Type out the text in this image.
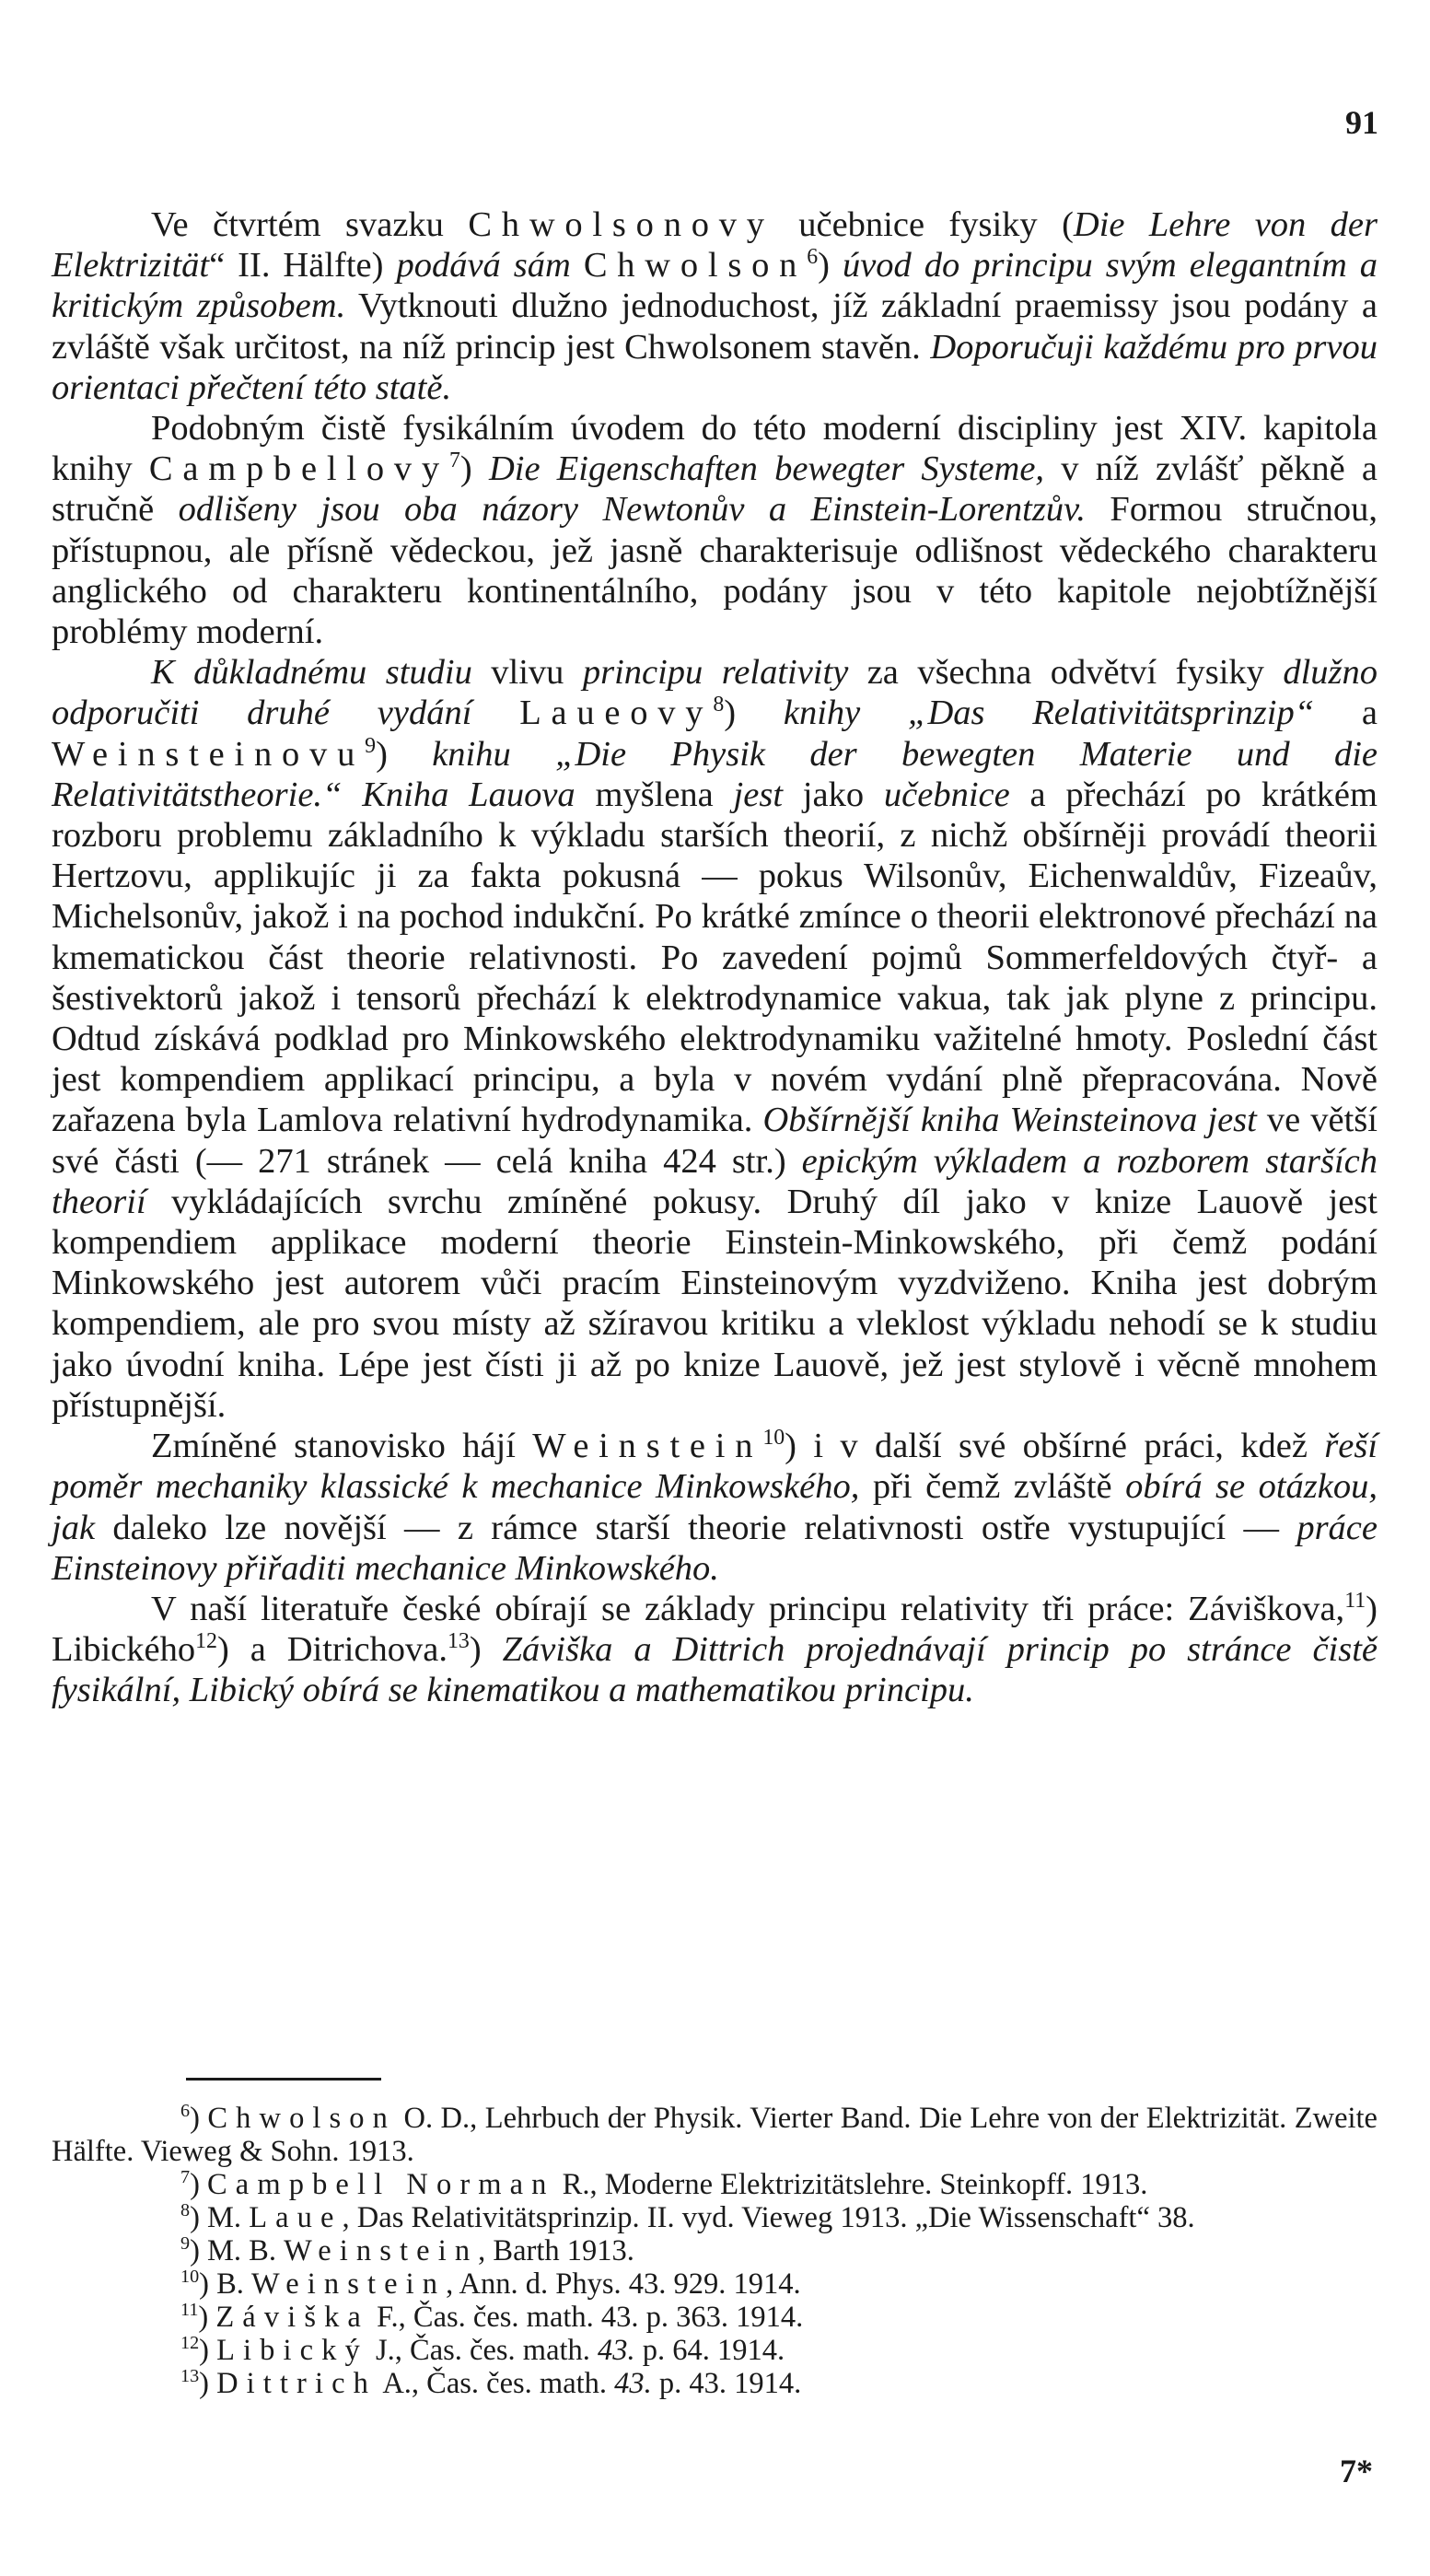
91

Ve čtvrtém svazku Chwolsonovy učebnice fysiky (Die Lehre von der Elektrizität“ II. Hälfte) podává sám Chwolson$^6$) úvod do principu svým elegantním a kritickým způsobem. Vytknouti dlužno jednoduchost, jíž základní praemissy jsou podány a zvláště však určitost, na níž princip jest Chwolsonem stavěn. Doporučuji každému pro prvou orientaci přečtení této statě.

Podobným čistě fysikálním úvodem do této moderní discipliny jest XIV. kapitola knihy Campbellovy$^7$) Die Eigenschaften bewegter Systeme, v níž zvlášť pěkně a stručně odlišeny jsou oba názory Newtonův a Einstein-Lorentzův. Formou stručnou, přístupnou, ale přísně vědeckou, jež jasně charakterisuje odlišnost vědeckého charakteru anglického od charakteru kontinentálního, podány jsou v této kapitole nejobtížnější problémy moderní.

K důkladnému studiu vlivu principu relativity za všechna odvětví fysiky dlužno odporučiti druhé vydání Laueovy$^8$) knihy „Das Relativitätsprinzip“ a Weinsteinovu$^9$) knihu „Die Physik der bewegten Materie und die Relativitätstheorie.“ Kniha Lauova myšlena jest jako učebnice a přechází po krátkém rozboru problemu základního k výkladu starších theorií, z nichž obšírněji provádí theorii Hertzovu, applikujíc ji za fakta pokusná — pokus Wilsonův, Eichenwaldův, Fizeaův, Michelsonův, jakož i na pochod indukční. Po krátké zmínce o theorii elektronové přechází na kmematickou část theorie relativnosti. Po zavedení pojmů Sommerfeldových čtyř- a šestivektorů jakož i tensorů přechází k elektrodynamice vakua, tak jak plyne z principu. Odtud získává podklad pro Minkowského elektrodynamiku važitelné hmoty. Poslední část jest kompendiem applikací principu, a byla v novém vydání plně přepracována. Nově zařazena byla Lamlova relativní hydrodynamika. Obšírnější kniha Weinsteinova jest ve větší své části (— 271 stránek — celá kniha 424 str.) epickým výkladem a rozborem starších theorií vykládajících svrchu zmíněné pokusy. Druhý díl jako v knize Lauově jest kompendiem applikace moderní theorie Einstein-Minkowského, při čemž podání Minkowského jest autorem vůči pracím Einsteinovým vyzdviženo. Kniha jest dobrým kompendiem, ale pro svou místy až sžíravou kritiku a vleklost výkladu nehodí se k studiu jako úvodní kniha. Lépe jest čísti ji až po knize Lauově, jež jest stylově i věcně mnohem přístupnější.

Zmíněné stanovisko hájí Weinstein$^{10}$) i v další své obšírné práci, kdež řeší poměr mechaniky klassické k mechanice Minkowského, při čemž zvláště obírá se otázkou, jak daleko lze novější — z rámce starší theorie relativnosti ostře vystupující — práce Einsteinovy přiřaditi mechanice Minkowského.

V naší literatuře české obírají se základy principu relativity tři práce: Záviškova,$^{11}$) Libického$^{12}$) a Ditrichova.$^{13}$) Záviška a Dittrich projednávají princip po stránce čistě fysikální, Libický obírá se kinematikou a mathematikou principu.

$^6$) Chwolson O. D., Lehrbuch der Physik. Vierter Band. Die Lehre von der Elektrizität. Zweite Hälfte. Vieweg & Sohn. 1913.

$^7$) Campbell Norman R., Moderne Elektrizitätslehre. Steinkopff. 1913.

$^8$) M. Laue, Das Relativitätsprinzip. II. vyd. Vieweg 1913. „Die Wissenschaft“ 38.

$^9$) M. B. Weinstein, Barth 1913.

$^{10}$) B. Weinstein, Ann. d. Phys. 43. 929. 1914.

$^{11}$) Záviška F., Čas. čes. math. 43. p. 363. 1914.

$^{12}$) Libický J., Čas. čes. math. 43. p. 64. 1914.

$^{13}$) Dittrich A., Čas. čes. math. 43. p. 43. 1914.

7*
